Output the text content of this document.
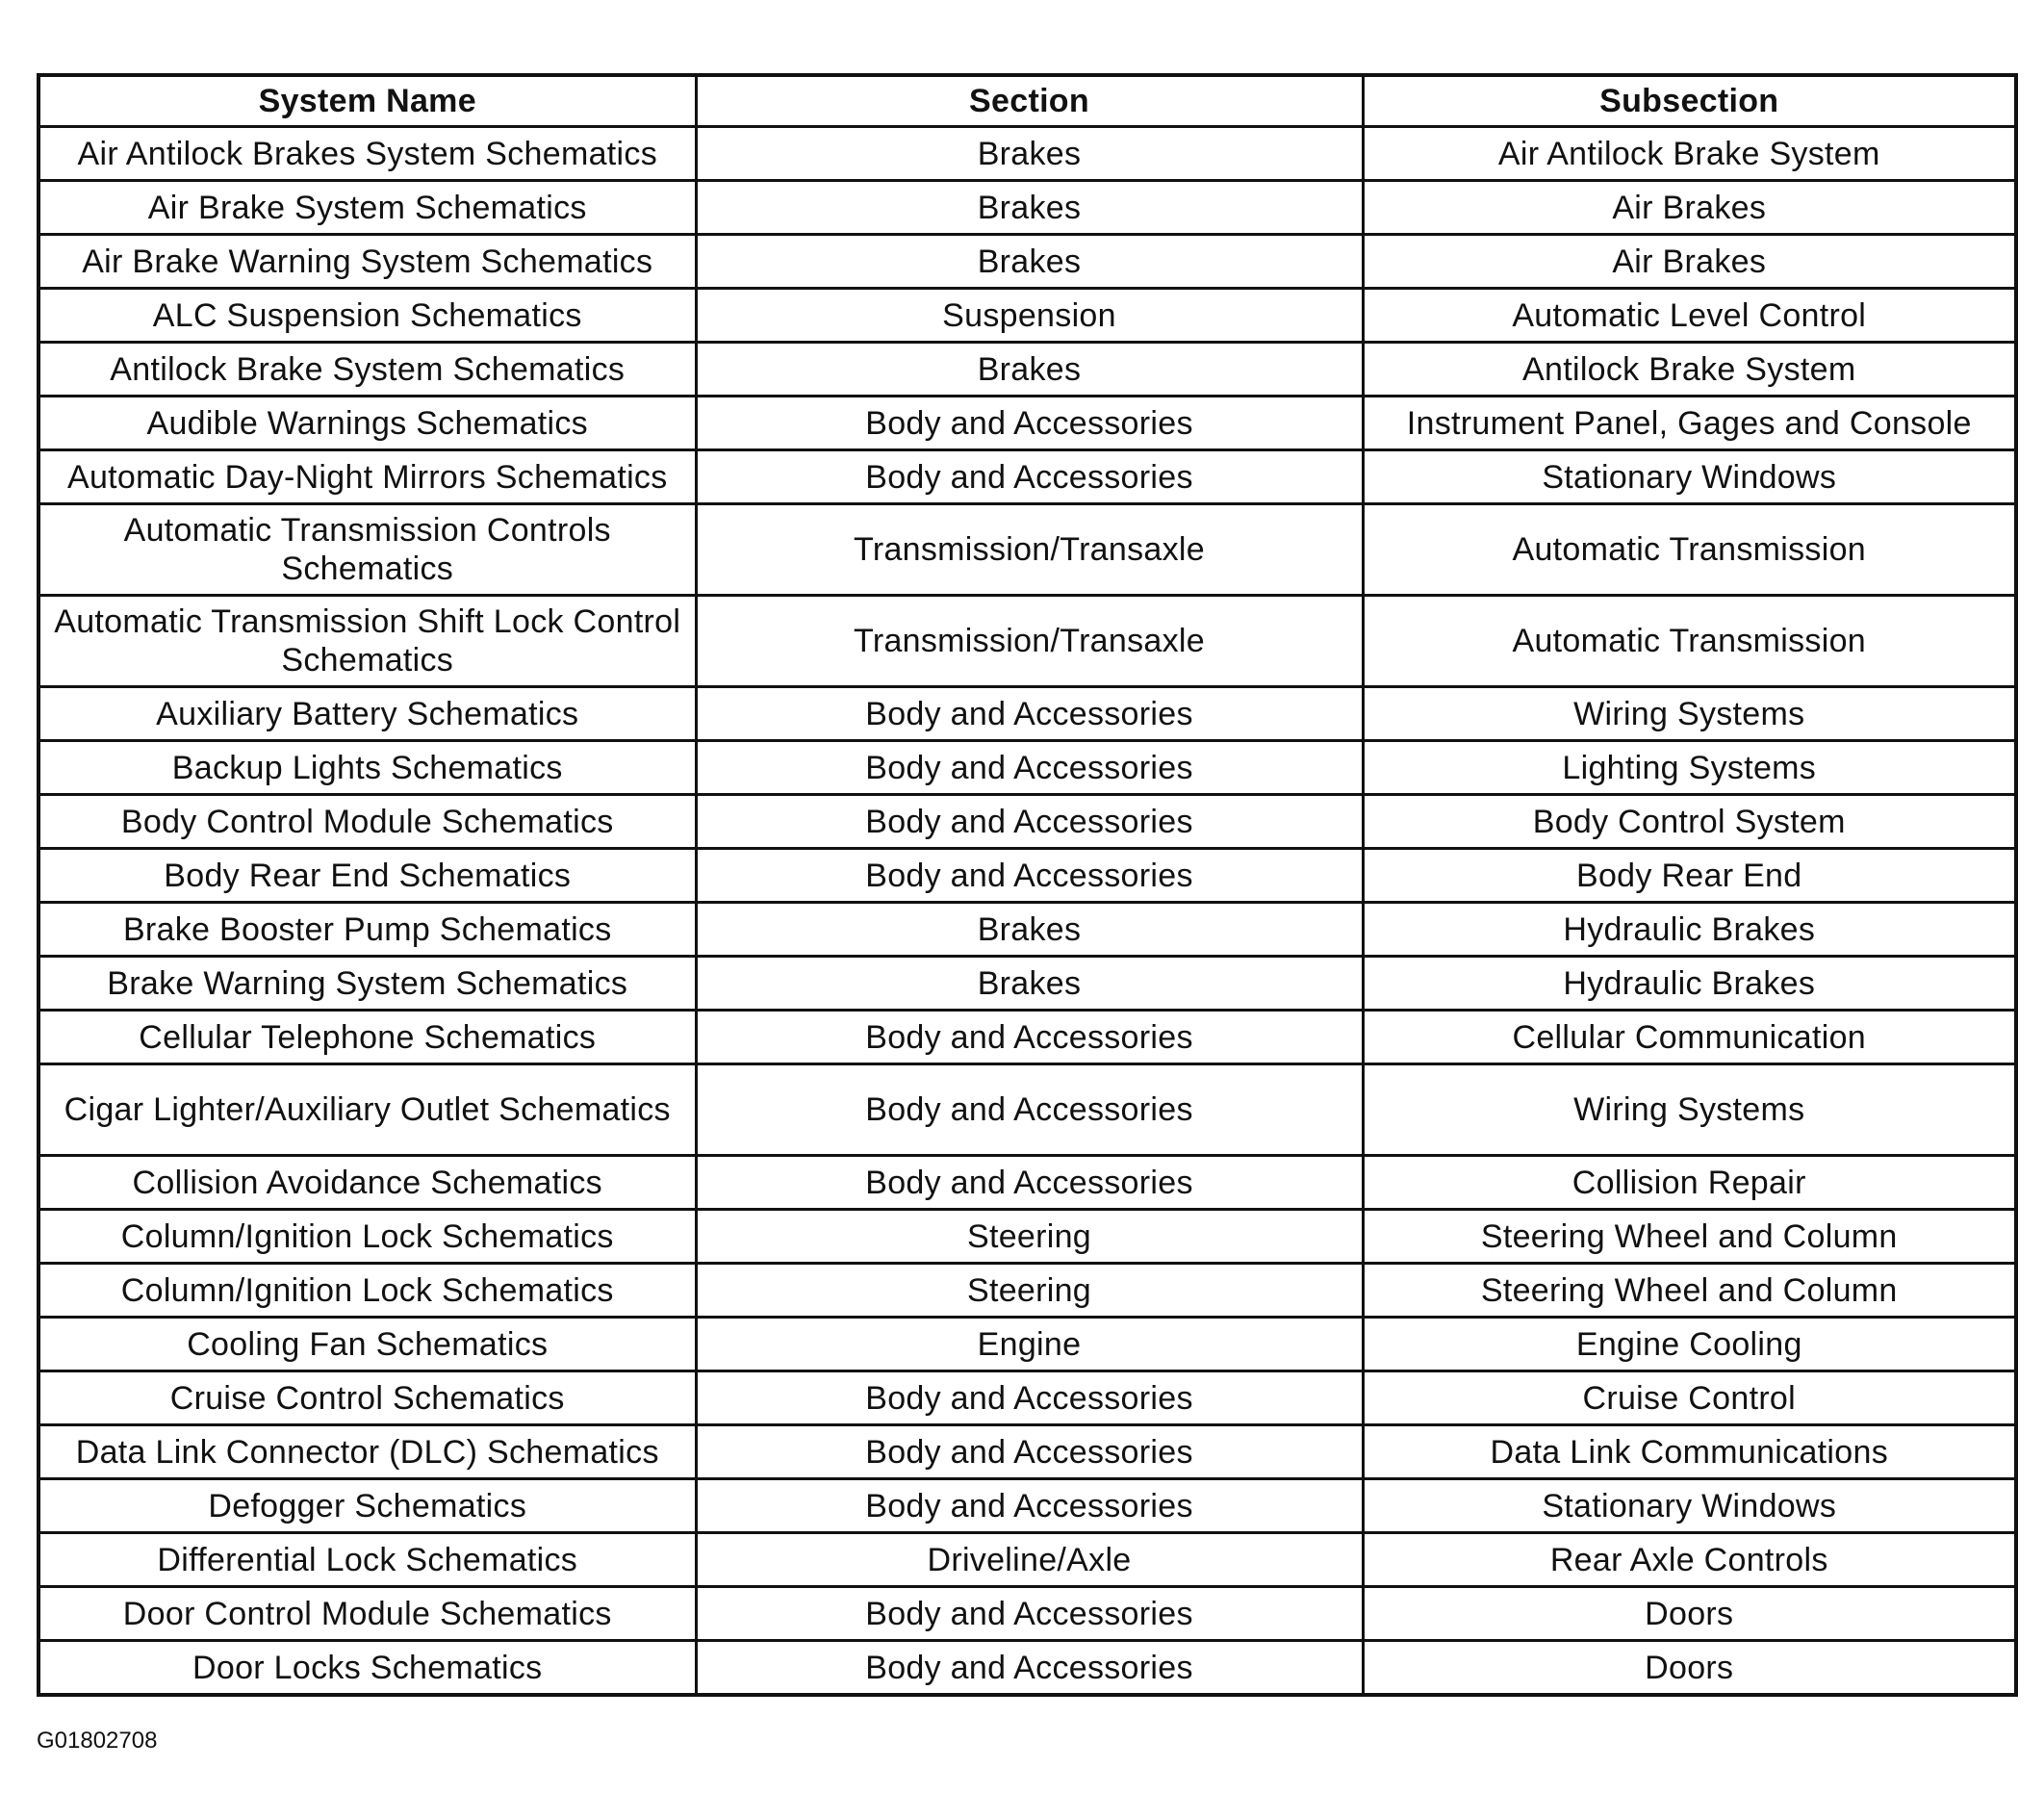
System Name	Section	Subsection
Air Antilock Brakes System Schematics	Brakes	Air Antilock Brake System
Air Brake System Schematics	Brakes	Air Brakes
Air Brake Warning System Schematics	Brakes	Air Brakes
ALC Suspension Schematics	Suspension	Automatic Level Control
Antilock Brake System Schematics	Brakes	Antilock Brake System
Audible Warnings Schematics	Body and Accessories	Instrument Panel, Gages and Console
Automatic Day-Night Mirrors Schematics	Body and Accessories	Stationary Windows
Automatic Transmission Controls Schematics	Transmission/Transaxle	Automatic Transmission
Automatic Transmission Shift Lock Control Schematics	Transmission/Transaxle	Automatic Transmission
Auxiliary Battery Schematics	Body and Accessories	Wiring Systems
Backup Lights Schematics	Body and Accessories	Lighting Systems
Body Control Module Schematics	Body and Accessories	Body Control System
Body Rear End Schematics	Body and Accessories	Body Rear End
Brake Booster Pump Schematics	Brakes	Hydraulic Brakes
Brake Warning System Schematics	Brakes	Hydraulic Brakes
Cellular Telephone Schematics	Body and Accessories	Cellular Communication
Cigar Lighter/Auxiliary Outlet Schematics	Body and Accessories	Wiring Systems
Collision Avoidance Schematics	Body and Accessories	Collision Repair
Column/Ignition Lock Schematics	Steering	Steering Wheel and Column
Column/Ignition Lock Schematics	Steering	Steering Wheel and Column
Cooling Fan Schematics	Engine	Engine Cooling
Cruise Control Schematics	Body and Accessories	Cruise Control
Data Link Connector (DLC) Schematics	Body and Accessories	Data Link Communications
Defogger Schematics	Body and Accessories	Stationary Windows
Differential Lock Schematics	Driveline/Axle	Rear Axle Controls
Door Control Module Schematics	Body and Accessories	Doors
Door Locks Schematics	Body and Accessories	Doors
G01802708
